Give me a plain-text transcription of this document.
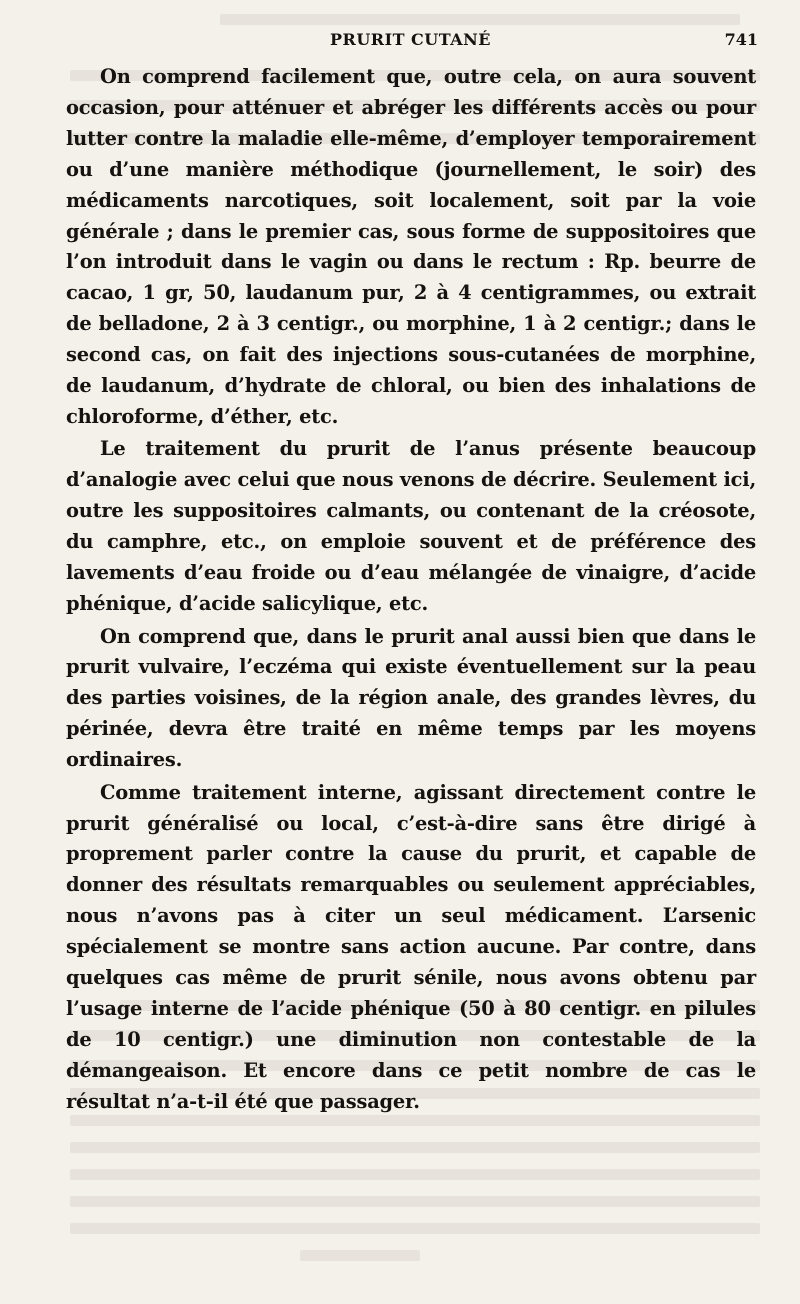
PRURIT CUTANÉ	741

On comprend facilement que, outre cela, on aura souvent occasion, pour atténuer et abréger les différents accès ou pour lutter contre la maladie elle-même, d’employer temporairement ou d’une manière méthodique (journellement, le soir) des médicaments narcotiques, soit localement, soit par la voie générale ; dans le premier cas, sous forme de suppositoires que l’on introduit dans le vagin ou dans le rectum : Rp. beurre de cacao, 1 gr, 50, laudanum pur, 2 à 4 centigrammes, ou extrait de belladone, 2 à 3 centigr., ou morphine, 1 à 2 centigr.; dans le second cas, on fait des injections sous-cutanées de morphine, de laudanum, d’hydrate de chloral, ou bien des inhalations de chloroforme, d’éther, etc.

Le traitement du prurit de l’anus présente beaucoup d’analogie avec celui que nous venons de décrire. Seulement ici, outre les suppositoires calmants, ou contenant de la créosote, du camphre, etc., on emploie souvent et de préférence des lavements d’eau froide ou d’eau mélangée de vinaigre, d’acide phénique, d’acide salicylique, etc.

On comprend que, dans le prurit anal aussi bien que dans le prurit vulvaire, l’eczéma qui existe éventuellement sur la peau des parties voisines, de la région anale, des grandes lèvres, du périnée, devra être traité en même temps par les moyens ordinaires.

Comme traitement interne, agissant directement contre le prurit généralisé ou local, c’est-à-dire sans être dirigé à proprement parler contre la cause du prurit, et capable de donner des résultats remarquables ou seulement appréciables, nous n’avons pas à citer un seul médicament. L’arsenic spécialement se montre sans action aucune. Par contre, dans quelques cas même de prurit sénile, nous avons obtenu par l’usage interne de l’acide phénique (50 à 80 centigr. en pilules de 10 centigr.) une diminution non contestable de la démangeaison. Et encore dans ce petit nombre de cas le résultat n’a-t-il été que passager.
